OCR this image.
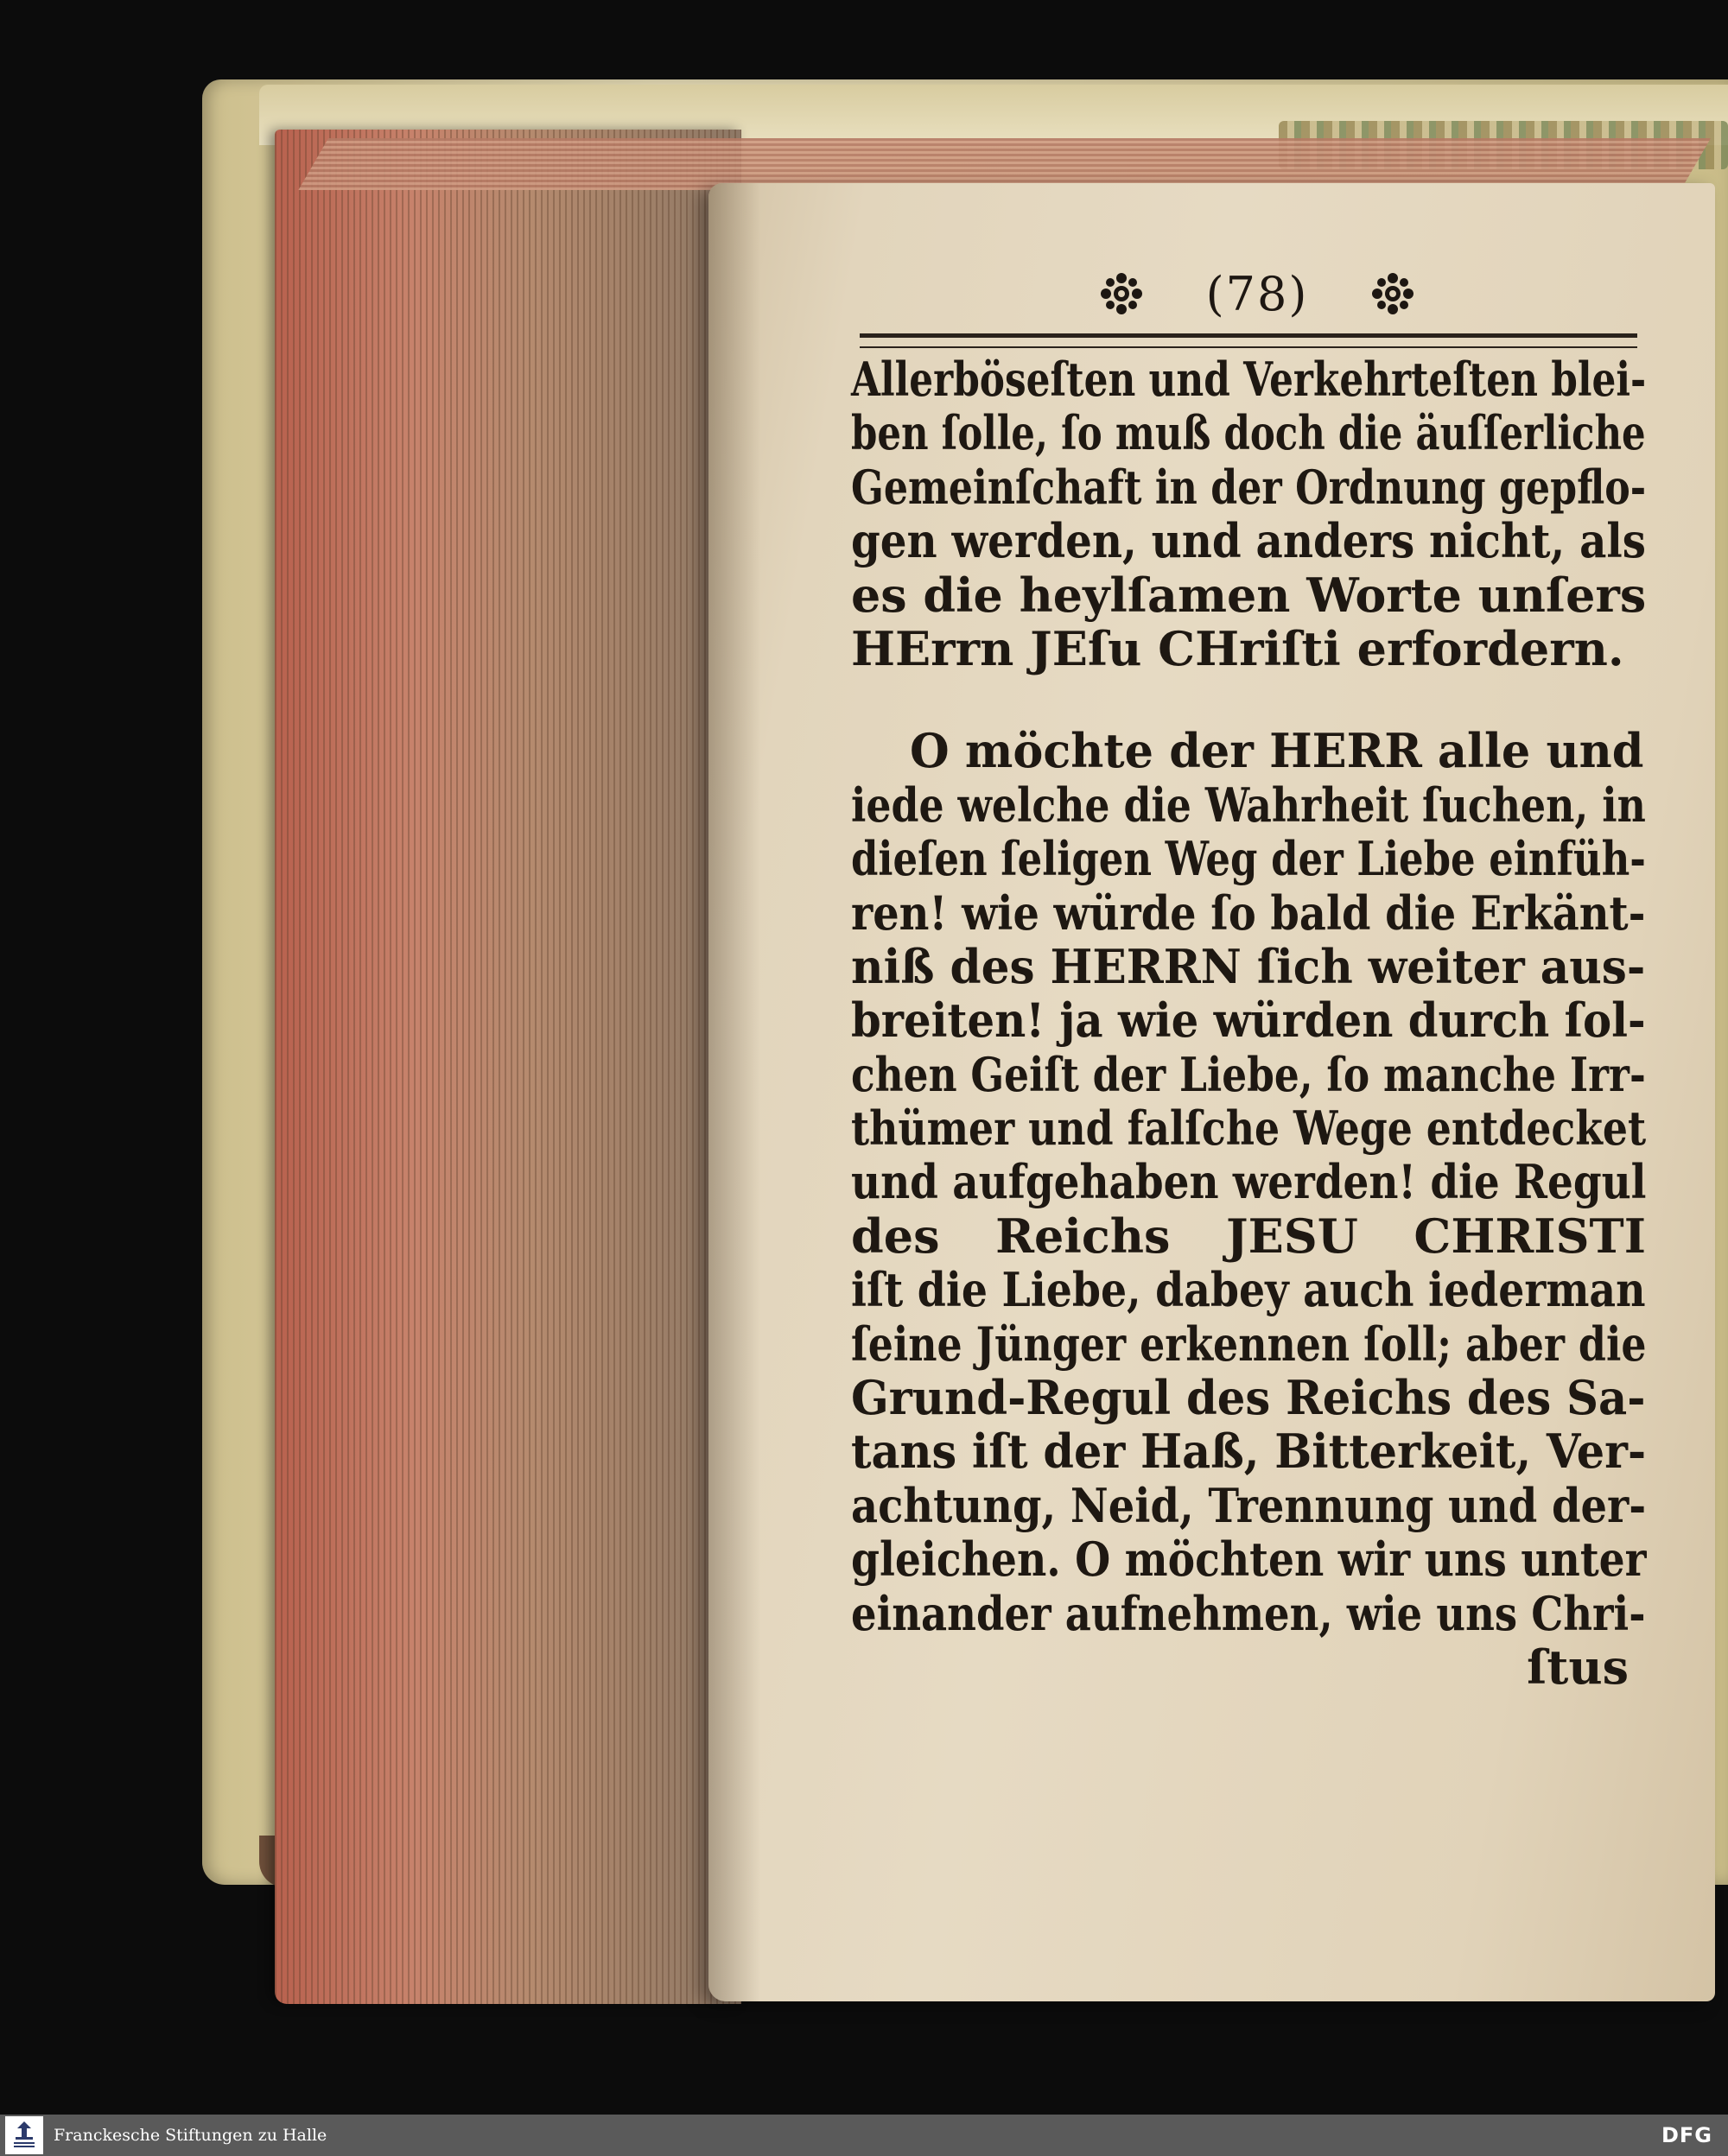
(78)
Allerböseſten und Verkehrteſten blei-
ben ſolle, ſo muß doch die äuſſerliche
Gemeinſchaft in der Ordnung gepflo-
gen werden, und anders nicht, als
es die heylſamen Worte unſers
HErrn JEſu CHriſti erfordern.
O möchte der HERR alle und
iede welche die Wahrheit ſuchen, in
dieſen ſeligen Weg der Liebe einfüh-
ren! wie würde ſo bald die Erkänt-
niß des HERRN ſich weiter aus-
breiten! ja wie würden durch ſol-
chen Geiſt der Liebe, ſo manche Irr-
thümer und falſche Wege entdecket
und aufgehaben werden! die Regul
des Reichs JESU CHRISTI
iſt die Liebe, dabey auch iederman
ſeine Jünger erkennen ſoll; aber die
Grund-Regul des Reichs des Sa-
tans iſt der Haß, Bitterkeit, Ver-
achtung, Neid, Trennung und der-
gleichen. O möchten wir uns unter
einander aufnehmen, wie uns Chri-
ſtus
Franckesche Stiftungen zu Halle	DFG
